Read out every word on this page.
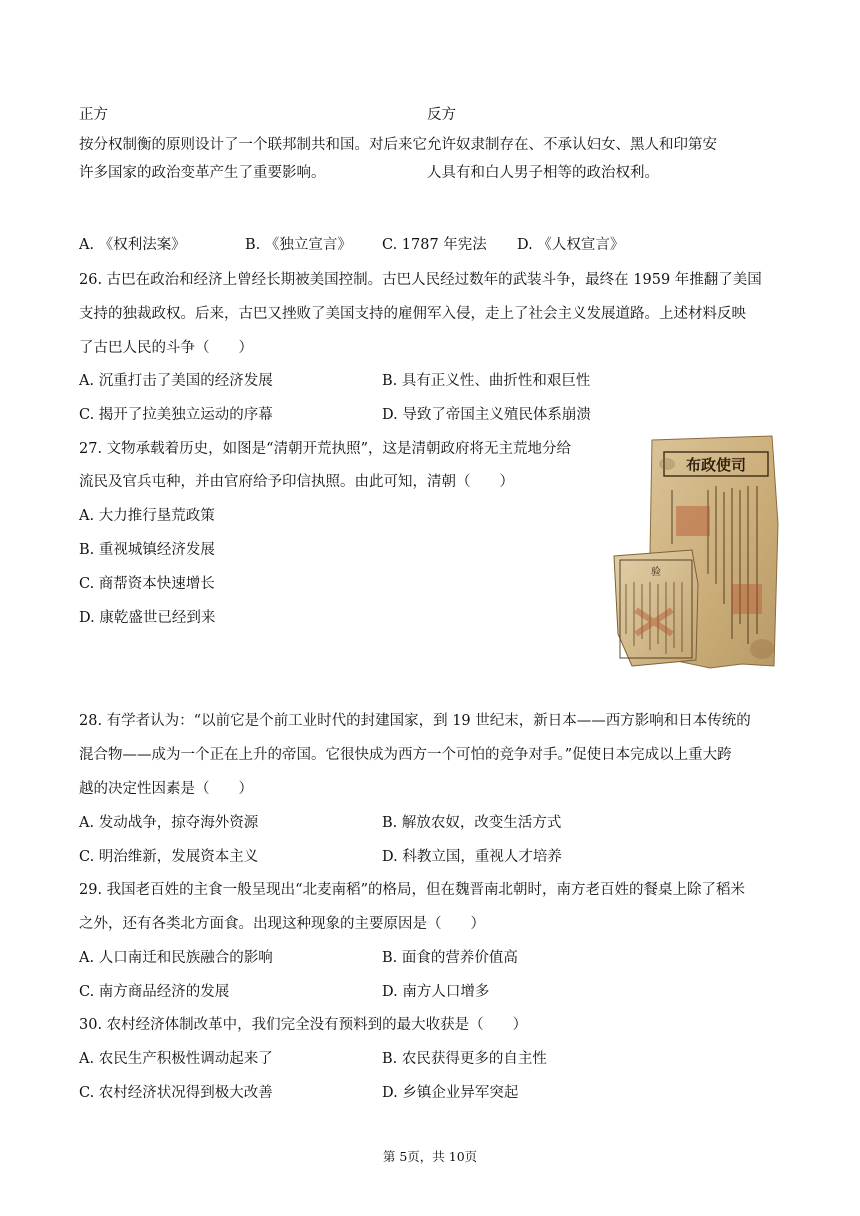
正方	反方
按分权制衡的原则设计了一个联邦制共和国。对后来它允许奴隶制存在、不承认妇女、黑人和印第安
许多国家的政治变革产生了重要影响。	人具有和白人男子相等的政治权利。
A. 《权利法案》	B. 《独立宣言》 C. 1787 年宪法 D. 《人权宣言》
26. 古巴在政治和经济上曾经长期被美国控制。古巴人民经过数年的武装斗争，最终在 1959 年推翻了美国
支持的独裁政权。后来，古巴又挫败了美国支持的雇佣军入侵，走上了社会主义发展道路。上述材料反映
了古巴人民的斗争（　　）
A. 沉重打击了美国的经济发展	B. 具有正义性、曲折性和艰巨性
C. 揭开了拉美独立运动的序幕	D. 导致了帝国主义殖民体系崩溃
27. 文物承载着历史，如图是“清朝开荒执照”，这是清朝政府将无主荒地分给
流民及官兵屯种，并由官府给予印信执照。由此可知，清朝（　　）
A. 大力推行垦荒政策
B. 重视城镇经济发展
C. 商帮资本快速增长
D. 康乾盛世已经到来
布政使司
验
28. 有学者认为：“以前它是个前工业时代的封建国家，到 19 世纪末，新日本——西方影响和日本传统的
混合物——成为一个正在上升的帝国。它很快成为西方一个可怕的竞争对手。”促使日本完成以上重大跨
越的决定性因素是（　　）
A. 发动战争，掠夺海外资源	B. 解放农奴，改变生活方式
C. 明治维新，发展资本主义	D. 科教立国，重视人才培养
29. 我国老百姓的主食一般呈现出“北麦南稻”的格局，但在魏晋南北朝时，南方老百姓的餐桌上除了稻米
之外，还有各类北方面食。出现这种现象的主要原因是（　　）
A. 人口南迁和民族融合的影响	B. 面食的营养价值高
C. 南方商品经济的发展	D. 南方人口增多
30. 农村经济体制改革中，我们完全没有预料到的最大收获是（　　）
A. 农民生产积极性调动起来了	B. 农民获得更多的自主性
C. 农村经济状况得到极大改善	D. 乡镇企业异军突起
第 5页，共 10页
